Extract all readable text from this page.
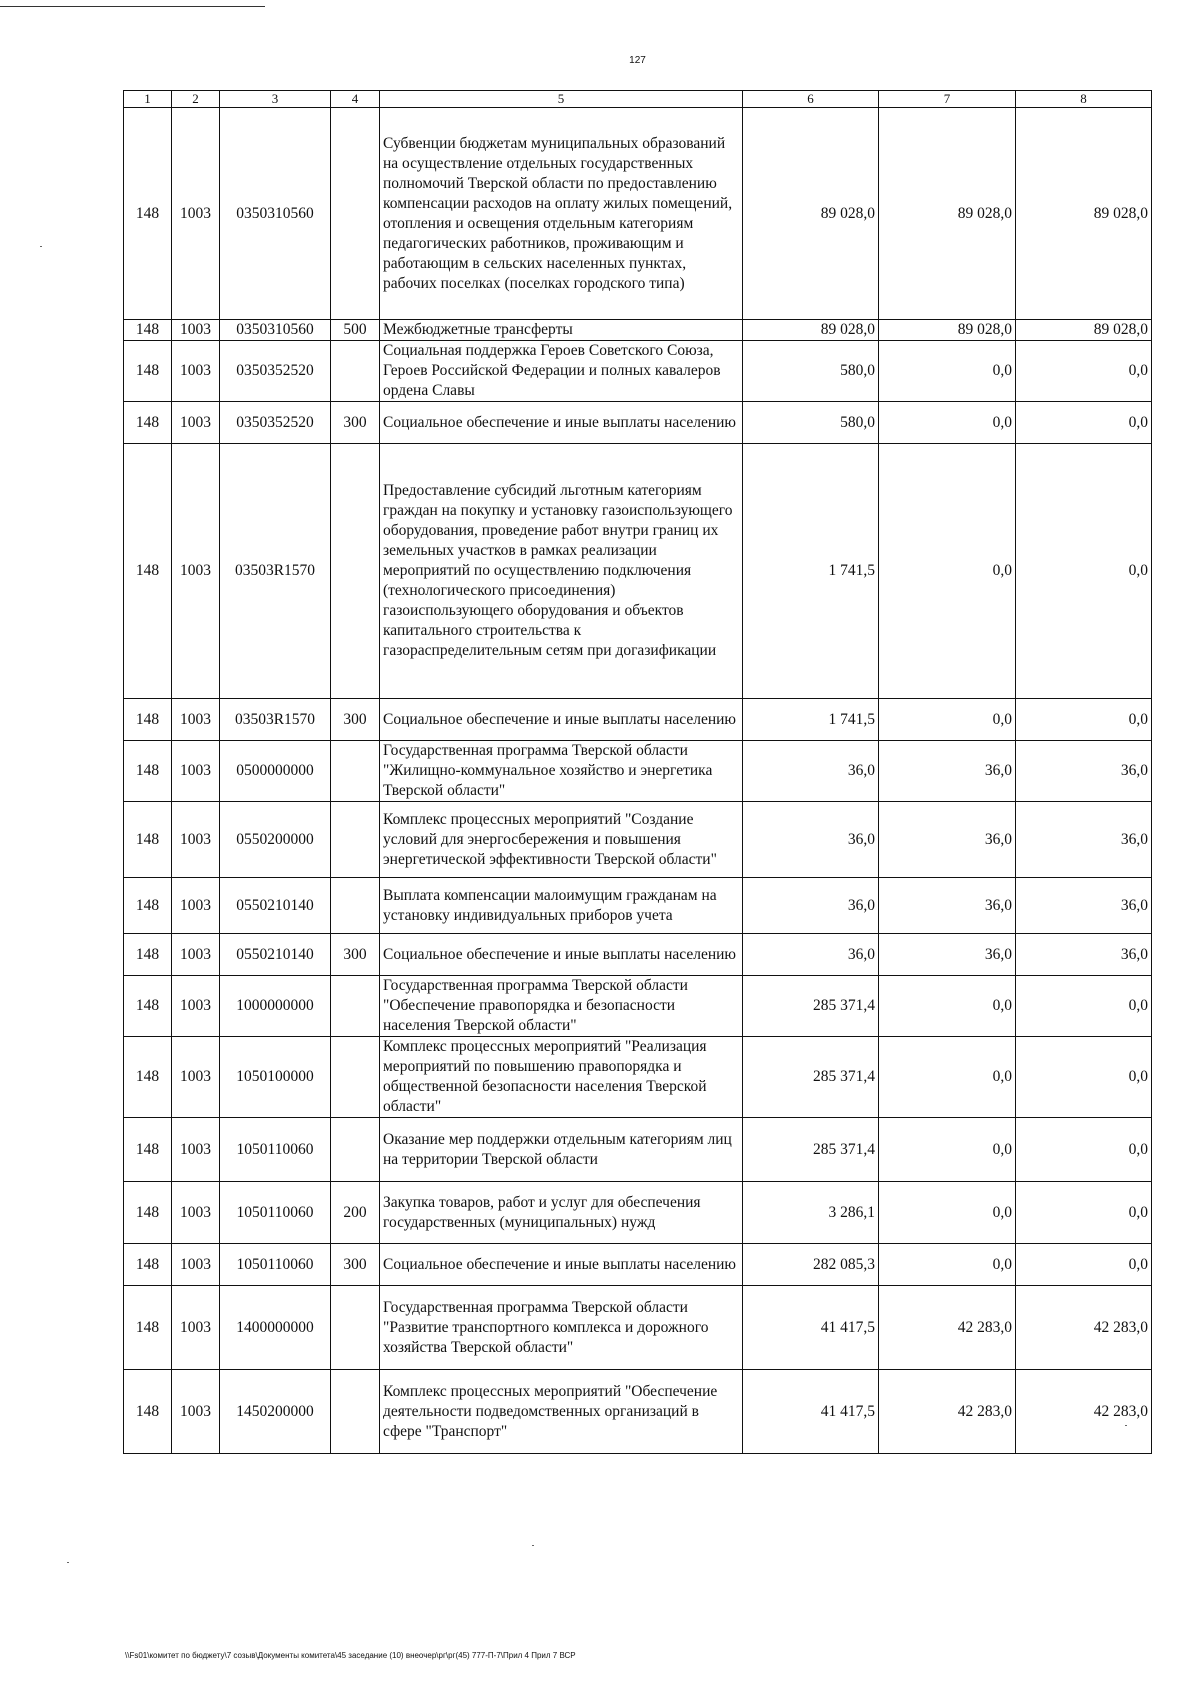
127
1	2	3	4	5	6	7	8
148	1003	0350310560		Субвенции бюджетам муниципальных образований на осуществление отдельных государственных полномочий Тверской области по предоставлению компенсации расходов на оплату жилых помещений, отопления и освещения отдельным категориям педагогических работников, проживающим и работающим в сельских населенных пунктах, рабочих поселках (поселках городского типа)	89 028,0	89 028,0	89 028,0
148	1003	0350310560	500	Межбюджетные трансферты	89 028,0	89 028,0	89 028,0
148	1003	0350352520		Социальная поддержка Героев Советского Союза, Героев Российской Федерации и полных кавалеров ордена Славы	580,0	0,0	0,0
148	1003	0350352520	300	Социальное обеспечение и иные выплаты населению	580,0	0,0	0,0
148	1003	03503R1570		Предоставление субсидий льготным категориям граждан на покупку и установку газоиспользующего оборудования, проведение работ внутри границ их земельных участков в рамках реализации мероприятий по осуществлению подключения (технологического присоединения) газоиспользующего оборудования и объектов капитального строительства к газораспределительным сетям при догазификации	1 741,5	0,0	0,0
148	1003	03503R1570	300	Социальное обеспечение и иные выплаты населению	1 741,5	0,0	0,0
148	1003	0500000000		Государственная программа Тверской области "Жилищно-коммунальное хозяйство и энергетика Тверской области"	36,0	36,0	36,0
148	1003	0550200000		Комплекс процессных мероприятий "Создание условий для энергосбережения и повышения энергетической эффективности Тверской области"	36,0	36,0	36,0
148	1003	0550210140		Выплата компенсации малоимущим гражданам на установку индивидуальных приборов учета	36,0	36,0	36,0
148	1003	0550210140	300	Социальное обеспечение и иные выплаты населению	36,0	36,0	36,0
148	1003	1000000000		Государственная программа Тверской области "Обеспечение правопорядка и безопасности населения Тверской области"	285 371,4	0,0	0,0
148	1003	1050100000		Комплекс процессных мероприятий "Реализация мероприятий по повышению правопорядка и общественной безопасности населения Тверской области"	285 371,4	0,0	0,0
148	1003	1050110060		Оказание мер поддержки отдельным категориям лиц на территории Тверской области	285 371,4	0,0	0,0
148	1003	1050110060	200	Закупка товаров, работ и услуг для обеспечения государственных (муниципальных) нужд	3 286,1	0,0	0,0
148	1003	1050110060	300	Социальное обеспечение и иные выплаты населению	282 085,3	0,0	0,0
148	1003	1400000000		Государственная программа Тверской области "Развитие транспортного комплекса и дорожного хозяйства Тверской области"	41 417,5	42 283,0	42 283,0
148	1003	1450200000		Комплекс процессных мероприятий "Обеспечение деятельности подведомственных организаций в сфере "Транспорт"	41 417,5	42 283,0	42 283,0
\\Fs01\комитет по бюджету\7 созыв\Документы комитета\45 заседание (10) внеочер\рг\рг(45) 777-П-7\Прил 4 Прил 7 ВСР
